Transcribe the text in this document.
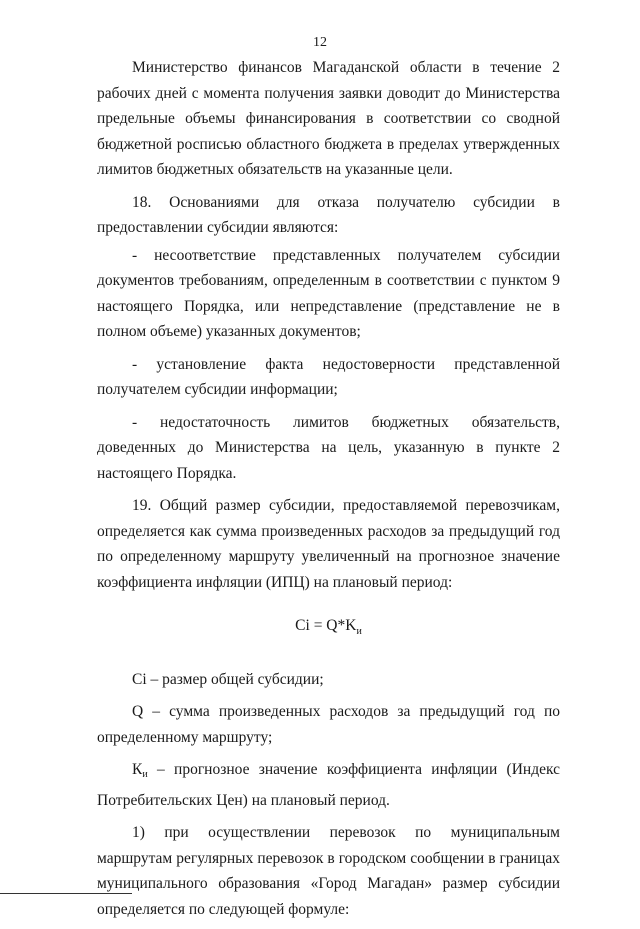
12

Министерство финансов Магаданской области в течение 2 рабочих дней с момента получения заявки доводит до Министерства предельные объемы финансирования в соответствии со сводной бюджетной росписью областного бюджета в пределах утвержденных лимитов бюджетных обязательств на указанные цели.

18. Основаниями для отказа получателю субсидии в предоставлении субсидии являются:

- несоответствие представленных получателем субсидии документов требованиям, определенным в соответствии с пунктом 9 настоящего Порядка, или непредставление (представление не в полном объеме) указанных документов;

- установление факта недостоверности представленной получателем субсидии информации;

- недостаточность лимитов бюджетных обязательств, доведенных до Министерства на цель, указанную в пункте 2 настоящего Порядка.

19. Общий размер субсидии, предоставляемой перевозчикам, определяется как сумма произведенных расходов за предыдущий год по определенному маршруту увеличенный на прогнозное значение коэффициента инфляции (ИПЦ) на плановый период:

$Ci = Q*K_и$

Ci – размер общей субсидии;

Q – сумма произведенных расходов за предыдущий год по определенному маршруту;

$К_и$ – прогнозное значение коэффициента инфляции (Индекс Потребительских Цен) на плановый период.

1) при осуществлении перевозок по муниципальным маршрутам регулярных перевозок в городском сообщении в границах муниципального образования «Город Магадан» размер субсидии определяется по следующей формуле:
